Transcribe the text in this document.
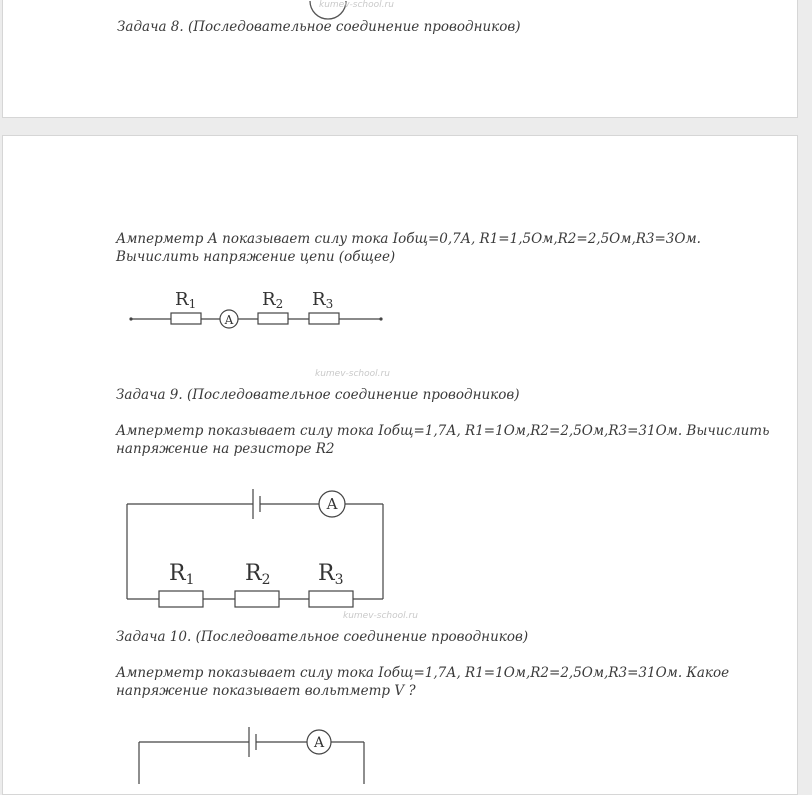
kumev-school.ru
Задача 8. (Последовательное соединение проводников)
Амперметр А показывает силу тока Iобщ=0,7А, R1=1,5Ом,R2=2,5Ом,R3=3Ом.
Вычислить напряжение цепи (общее)
A
R1	R2 R3
kumev-school.ru
Задача 9. (Последовательное соединение проводников)
Амперметр показывает силу тока Iобщ=1,7А, R1=1Ом,R2=2,5Ом,R3=31Ом. Вычислить
напряжение на резисторе R2
A
R1 R2 R3
kumev-school.ru
Задача 10. (Последовательное соединение проводников)
Амперметр показывает силу тока Iобщ=1,7А, R1=1Ом,R2=2,5Ом,R3=31Ом. Какое
напряжение показывает вольтметр V ?
A
